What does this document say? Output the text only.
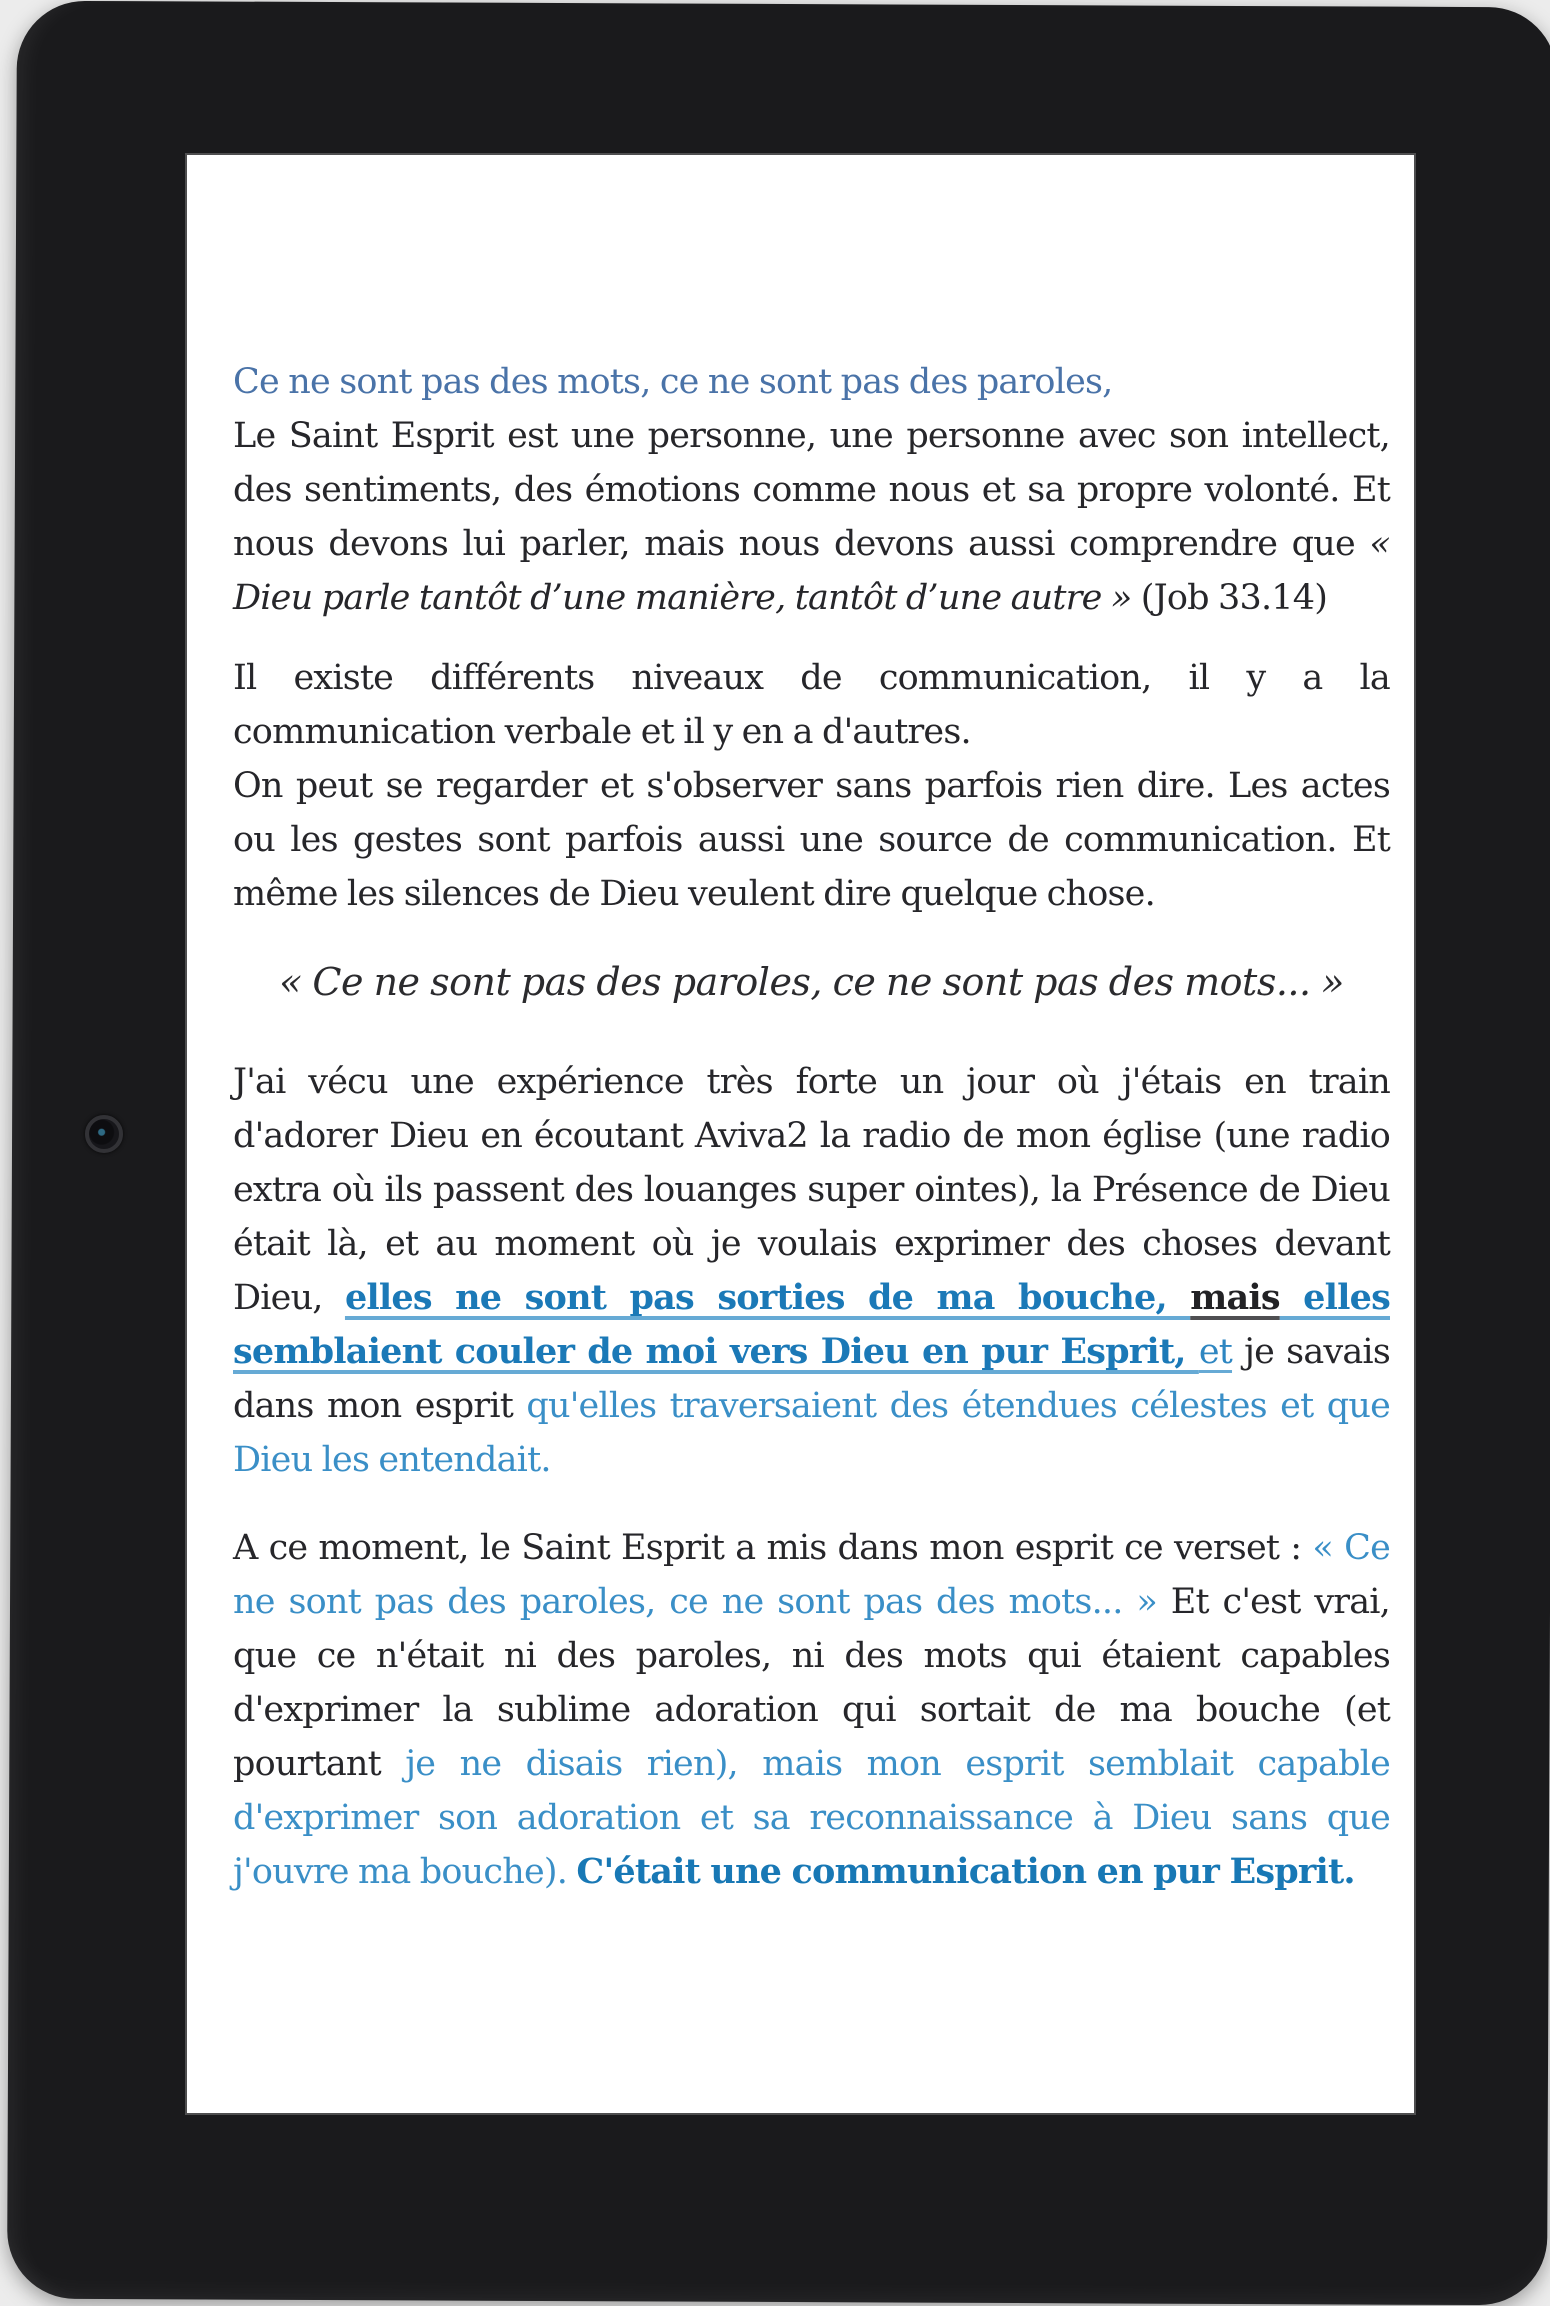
Ce ne sont pas des mots, ce ne sont pas des paroles,
Le Saint Esprit est une personne, une personne avec son intellect, des sentiments, des émotions comme nous et sa propre volonté. Et nous devons lui parler, mais nous devons aussi comprendre que « Dieu parle tantôt d’une manière, tantôt d’une autre » (Job 33.14)

Il existe différents niveaux de communication, il y a la communication verbale et il y en a d'autres.
On peut se regarder et s'observer sans parfois rien dire. Les actes ou les gestes sont parfois aussi une source de communication. Et même les silences de Dieu veulent dire quelque chose.

« Ce ne sont pas des paroles, ce ne sont pas des mots... »

J'ai vécu une expérience très forte un jour où j'étais en train d'adorer Dieu en écoutant Aviva2 la radio de mon église (une radio extra où ils passent des louanges super ointes), la Présence de Dieu était là, et au moment où je voulais exprimer des choses devant Dieu, elles ne sont pas sorties de ma bouche, mais elles semblaient couler de moi vers Dieu en pur Esprit, et je savais dans mon esprit qu'elles traversaient des étendues célestes et que Dieu les entendait.

A ce moment, le Saint Esprit a mis dans mon esprit ce verset : « Ce ne sont pas des paroles, ce ne sont pas des mots... » Et c'est vrai, que ce n'était ni des paroles, ni des mots qui étaient capables d'exprimer la sublime adoration qui sortait de ma bouche (et pourtant je ne disais rien), mais mon esprit semblait capable d'exprimer son adoration et sa reconnaissance à Dieu sans que j'ouvre ma bouche). C'était une communication en pur Esprit.
